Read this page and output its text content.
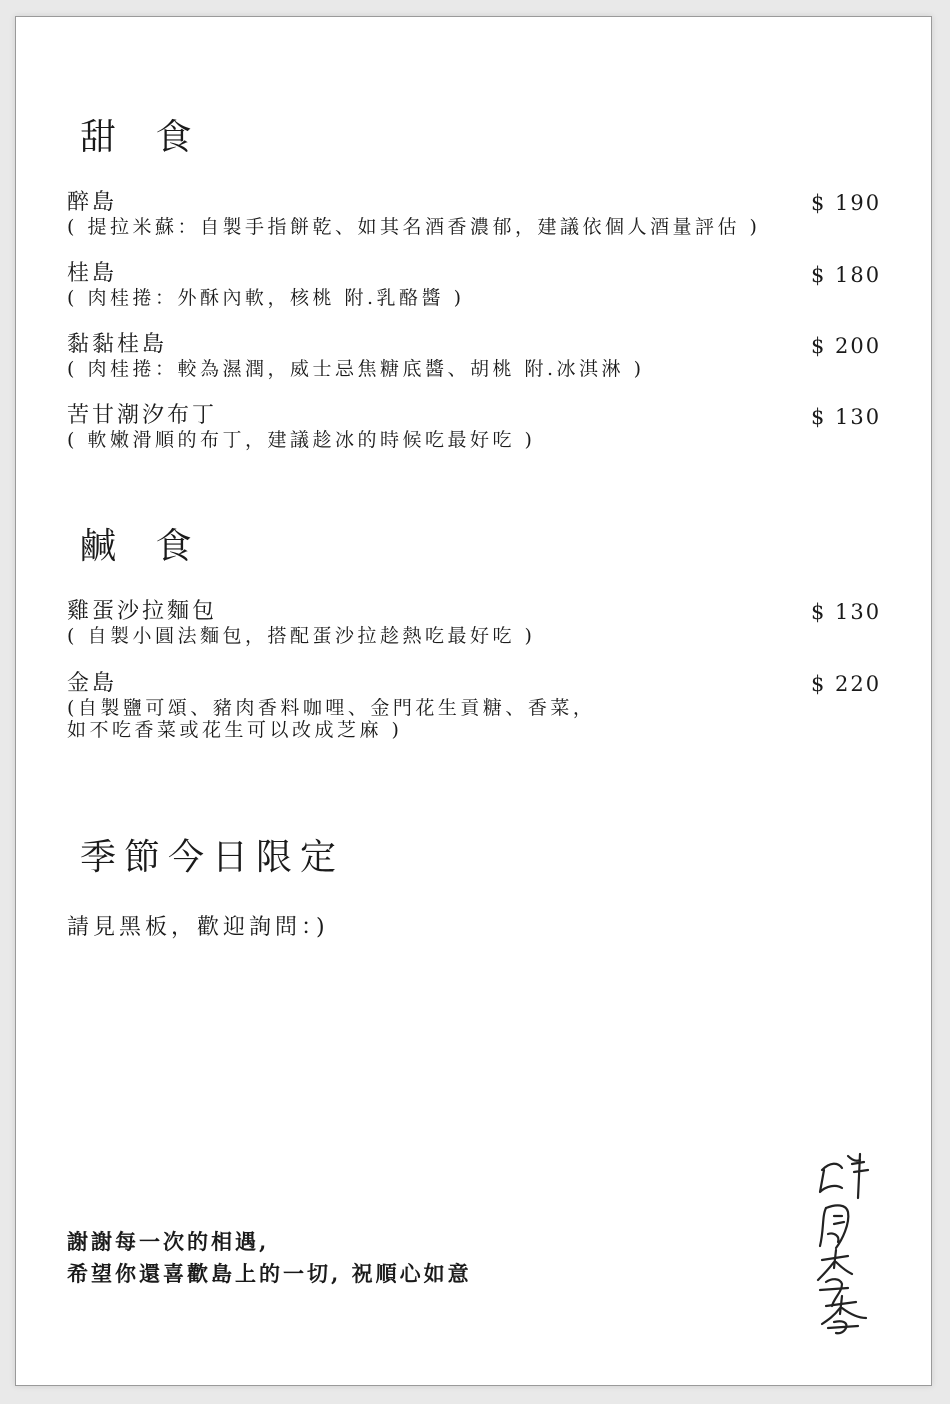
甜 食
醉島
( 提拉米蘇：自製手指餅乾、如其名酒香濃郁，建議依個人酒量評估 )
$ 190
桂島
( 肉桂捲：外酥內軟，核桃 附.乳酪醬 )
$ 180
黏黏桂島
( 肉桂捲：較為濕潤，威士忌焦糖底醬、胡桃 附.冰淇淋 )
$ 200
苦甘潮汐布丁
( 軟嫩滑順的布丁，建議趁冰的時候吃最好吃 )
$ 130
鹹 食
雞蛋沙拉麵包
( 自製小圓法麵包，搭配蛋沙拉趁熱吃最好吃 )
$ 130
金島
(自製鹽可頌、豬肉香料咖哩、金門花生貢糖、香菜，
如不吃香菜或花生可以改成芝麻 )
$ 220
季節今日限定
請見黑板，歡迎詢問：)
謝謝每一次的相遇,
希望你還喜歡島上的一切, 祝順心如意
